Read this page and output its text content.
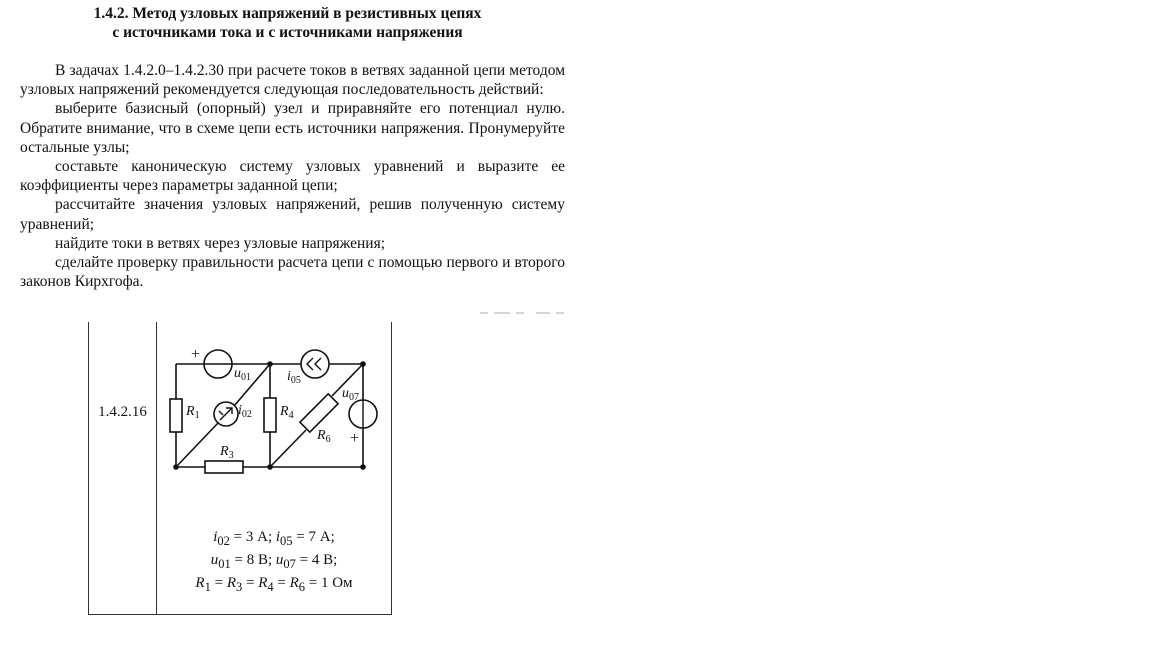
1.4.2. Метод узловых напряжений в резистивных цепях
с источниками тока и с источниками напряжения

В задачах 1.4.2.0–1.4.2.30 при расчете токов в ветвях заданной цепи методом узловых напряжений рекомендуется следующая последовательность действий:

выберите базисный (опорный) узел и приравняйте его потенциал нулю. Обратите внимание, что в схеме цепи есть источники напряжения. Пронумеруйте остальные узлы;

составьте каноническую систему узловых уравнений и выразите ее коэффициенты через параметры заданной цепи;

рассчитайте значения узловых напряжений, решив полученную систему уравнений;

найдите токи в ветвях через узловые напряжения;

сделайте проверку правильности расчета цепи с помощью первого и второго законов Кирхгофа.

1.4.2.16
+
+
$u_{01}$	$i_{05}$
$u_{07}$
$R_1$	$i_{02}$ $R_4$
$R_6$
$R_3$
$i_{02} = 3$ А; $i_{05} = 7$ А;
$u_{01} = 8$ В; $u_{07} = 4$ В;
$R_1 = R_3 = R_4 = R_6 = 1$ Ом
